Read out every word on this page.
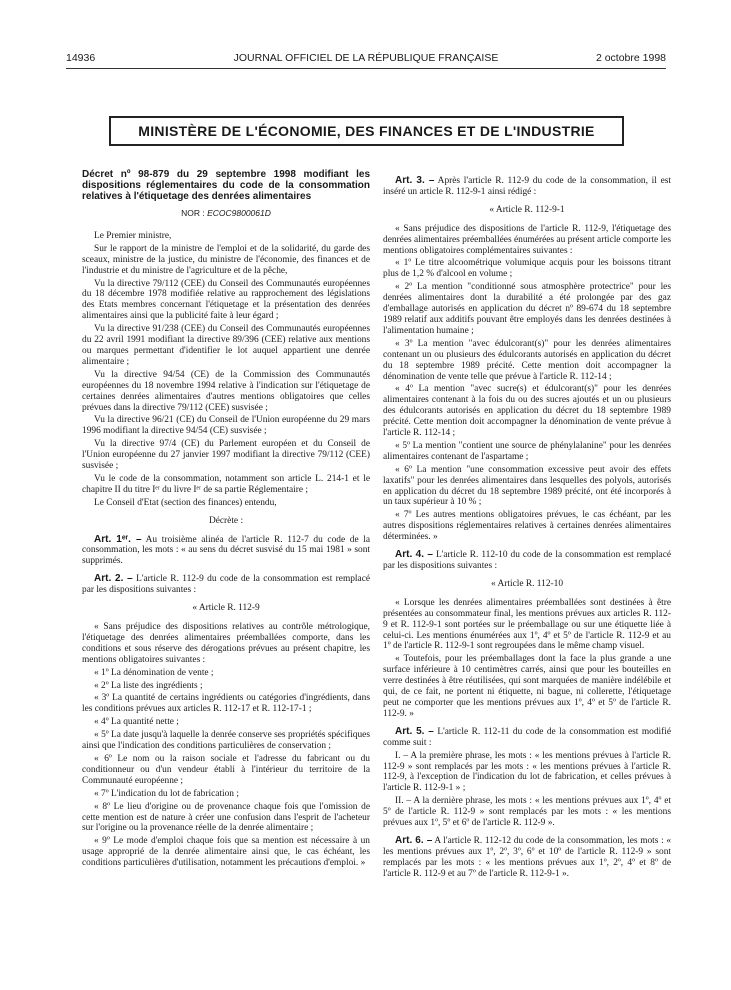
14936	JOURNAL OFFICIEL DE LA RÉPUBLIQUE FRANÇAISE	2 octobre 1998
MINISTÈRE DE L'ÉCONOMIE, DES FINANCES ET DE L'INDUSTRIE

Décret nº 98-879 du 29 septembre 1998 modifiant les dispositions réglementaires du code de la consommation relatives à l'étiquetage des denrées alimentaires

NOR : ECOC9800061D

Le Premier ministre,

Sur le rapport de la ministre de l'emploi et de la solidarité, du garde des sceaux, ministre de la justice, du ministre de l'économie, des finances et de l'industrie et du ministre de l'agriculture et de la pêche,

Vu la directive 79/112 (CEE) du Conseil des Communautés européennes du 18 décembre 1978 modifiée relative au rapprochement des législations des Etats membres concernant l'étiquetage et la présentation des denrées alimentaires ainsi que la publicité faite à leur égard ;

Vu la directive 91/238 (CEE) du Conseil des Communautés européennes du 22 avril 1991 modifiant la directive 89/396 (CEE) relative aux mentions ou marques permettant d'identifier le lot auquel appartient une denrée alimentaire ;

Vu la directive 94/54 (CE) de la Commission des Communautés européennes du 18 novembre 1994 relative à l'indication sur l'étiquetage de certaines denrées alimentaires d'autres mentions obligatoires que celles prévues dans la directive 79/112 (CEE) susvisée ;

Vu la directive 96/21 (CE) du Conseil de l'Union européenne du 29 mars 1996 modifiant la directive 94/54 (CE) susvisée ;

Vu la directive 97/4 (CE) du Parlement européen et du Conseil de l'Union européenne du 27 janvier 1997 modifiant la directive 79/112 (CEE) susvisée ;

Vu le code de la consommation, notamment son article L. 214-1 et le chapitre II du titre Iᵉʳ du livre Iᵉʳ de sa partie Réglementaire ;

Le Conseil d'Etat (section des finances) entendu,

Décrète :

Art. 1ᵉʳ. – Au troisième alinéa de l'article R. 112-7 du code de la consommation, les mots : « au sens du décret susvisé du 15 mai 1981 » sont supprimés.

Art. 2. – L'article R. 112-9 du code de la consommation est remplacé par les dispositions suivantes :

« Article R. 112-9

« Sans préjudice des dispositions relatives au contrôle métrologique, l'étiquetage des denrées alimentaires préemballées comporte, dans les conditions et sous réserve des dérogations prévues au présent chapitre, les mentions obligatoires suivantes :

« 1º La dénomination de vente ;

« 2º La liste des ingrédients ;

« 3º La quantité de certains ingrédients ou catégories d'ingrédients, dans les conditions prévues aux articles R. 112-17 et R. 112-17-1 ;

« 4º La quantité nette ;

« 5º La date jusqu'à laquelle la denrée conserve ses propriétés spécifiques ainsi que l'indication des conditions particulières de conservation ;

« 6º Le nom ou la raison sociale et l'adresse du fabricant ou du conditionneur ou d'un vendeur établi à l'intérieur du territoire de la Communauté européenne ;

« 7º L'indication du lot de fabrication ;

« 8º Le lieu d'origine ou de provenance chaque fois que l'omission de cette mention est de nature à créer une confusion dans l'esprit de l'acheteur sur l'origine ou la provenance réelle de la denrée alimentaire ;

« 9º Le mode d'emploi chaque fois que sa mention est nécessaire à un usage approprié de la denrée alimentaire ainsi que, le cas échéant, les conditions particulières d'utilisation, notamment les précautions d'emploi. »

Art. 3. – Après l'article R. 112-9 du code de la consommation, il est inséré un article R. 112-9-1 ainsi rédigé :

« Article R. 112-9-1

« Sans préjudice des dispositions de l'article R. 112-9, l'étiquetage des denrées alimentaires préemballées énumérées au présent article comporte les mentions obligatoires complémentaires suivantes :

« 1º Le titre alcoométrique volumique acquis pour les boissons titrant plus de 1,2 % d'alcool en volume ;

« 2º La mention "conditionné sous atmosphère protectrice" pour les denrées alimentaires dont la durabilité a été prolongée par des gaz d'emballage autorisés en application du décret nº 89-674 du 18 septembre 1989 relatif aux additifs pouvant être employés dans les denrées destinées à l'alimentation humaine ;

« 3º La mention "avec édulcorant(s)" pour les denrées alimentaires contenant un ou plusieurs des édulcorants autorisés en application du décret du 18 septembre 1989 précité. Cette mention doit accompagner la dénomination de vente telle que prévue à l'article R. 112-14 ;

« 4º La mention "avec sucre(s) et édulcorant(s)" pour les denrées alimentaires contenant à la fois du ou des sucres ajoutés et un ou plusieurs des édulcorants autorisés en application du décret du 18 septembre 1989 précité. Cette mention doit accompagner la dénomination de vente prévue à l'article R. 112-14 ;

« 5º La mention "contient une source de phénylalanine" pour les denrées alimentaires contenant de l'aspartame ;

« 6º La mention "une consommation excessive peut avoir des effets laxatifs" pour les denrées alimentaires dans lesquelles des polyols, autorisés en application du décret du 18 septembre 1989 précité, ont été incorporés à un taux supérieur à 10 % ;

« 7º Les autres mentions obligatoires prévues, le cas échéant, par les autres dispositions réglementaires relatives à certaines denrées alimentaires déterminées. »

Art. 4. – L'article R. 112-10 du code de la consommation est remplacé par les dispositions suivantes :

« Article R. 112-10

« Lorsque les denrées alimentaires préemballées sont destinées à être présentées au consommateur final, les mentions prévues aux articles R. 112-9 et R. 112-9-1 sont portées sur le préemballage ou sur une étiquette liée à celui-ci. Les mentions énumérées aux 1º, 4º et 5º de l'article R. 112-9 et au 1º de l'article R. 112-9-1 sont regroupées dans le même champ visuel.

« Toutefois, pour les préemballages dont la face la plus grande a une surface inférieure à 10 centimètres carrés, ainsi que pour les bouteilles en verre destinées à être réutilisées, qui sont marquées de manière indélébile et qui, de ce fait, ne portent ni étiquette, ni bague, ni collerette, l'étiquetage peut ne comporter que les mentions prévues aux 1º, 4º et 5º de l'article R. 112-9. »

Art. 5. – L'article R. 112-11 du code de la consommation est modifié comme suit :

I. – A la première phrase, les mots : « les mentions prévues à l'article R. 112-9 » sont remplacés par les mots : « les mentions prévues à l'article R. 112-9, à l'exception de l'indication du lot de fabrication, et celles prévues à l'article R. 112-9-1 » ;

II. – A la dernière phrase, les mots : « les mentions prévues aux 1º, 4º et 5º de l'article R. 112-9 » sont remplacés par les mots : « les mentions prévues aux 1º, 5º et 6º de l'article R. 112-9 ».

Art. 6. – A l'article R. 112-12 du code de la consommation, les mots : « les mentions prévues aux 1º, 2º, 3º, 6º et 10º de l'article R. 112-9 » sont remplacés par les mots : « les mentions prévues aux 1º, 2º, 4º et 8º de l'article R. 112-9 et au 7º de l'article R. 112-9-1 ».
